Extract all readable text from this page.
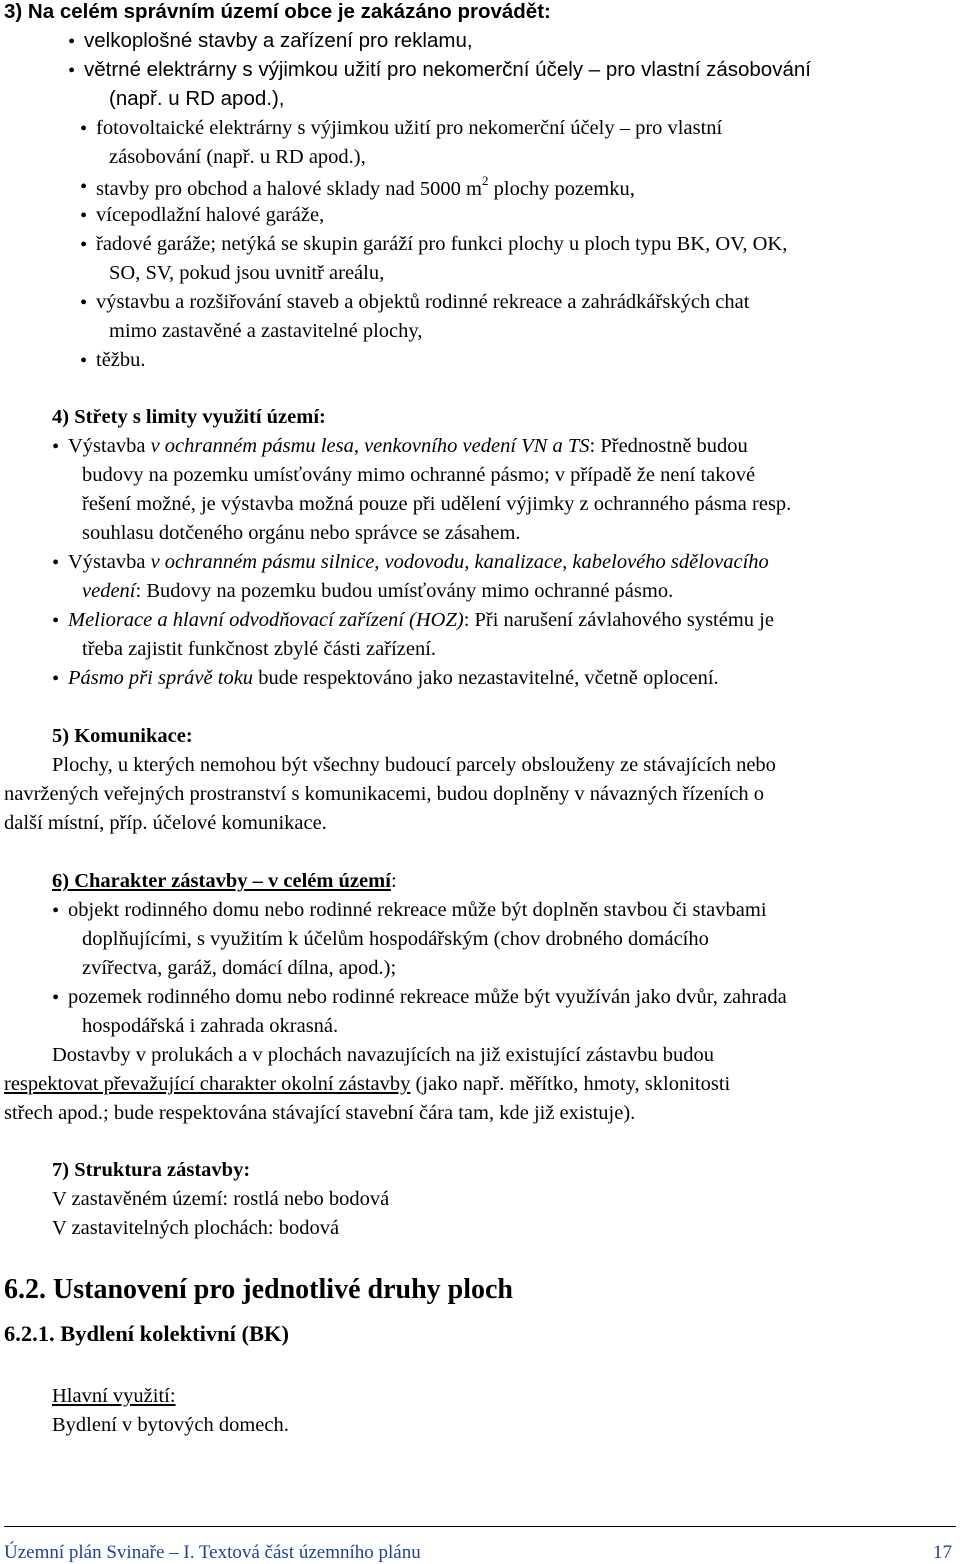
3) Na celém správním území obce je zakázáno provádět:
• velkoplošné stavby a zařízení pro reklamu,
• větrné elektrárny s výjimkou užití pro nekomerční účely – pro vlastní zásobování
(např. u RD apod.),
• fotovoltaické elektrárny s výjimkou užití pro nekomerční účely – pro vlastní
zásobování (např. u RD apod.),
• stavby pro obchod a halové sklady nad 5000 $m^2$ plochy pozemku,
• vícepodlažní halové garáže,
• řadové garáže; netýká se skupin garáží pro funkci plochy u ploch typu BK, OV, OK,
SO, SV, pokud jsou uvnitř areálu,
• výstavbu a rozšiřování staveb a objektů rodinné rekreace a zahrádkářských chat
mimo zastavěné a zastavitelné plochy,
• těžbu.
4) Střety s limity využití území:
• Výstavba v ochranném pásmu lesa, venkovního vedení VN a TS: Přednostně budou
budovy na pozemku umísťovány mimo ochranné pásmo; v případě že není takové
řešení možné, je výstavba možná pouze při udělení výjimky z ochranného pásma resp.
souhlasu dotčeného orgánu nebo správce se zásahem.
• Výstavba v ochranném pásmu silnice, vodovodu, kanalizace, kabelového sdělovacího
vedení: Budovy na pozemku budou umísťovány mimo ochranné pásmo.
• Meliorace a hlavní odvodňovací zařízení (HOZ): Při narušení závlahového systému je
třeba zajistit funkčnost zbylé části zařízení.
• Pásmo při správě toku bude respektováno jako nezastavitelné, včetně oplocení.
5) Komunikace:
Plochy, u kterých nemohou být všechny budoucí parcely obslouženy ze stávajících nebo
navržených veřejných prostranství s komunikacemi, budou doplněny v návazných řízeních o
další místní, příp. účelové komunikace.
6) Charakter zástavby – v celém území:
• objekt rodinného domu nebo rodinné rekreace může být doplněn stavbou či stavbami
doplňujícími, s využitím k účelům hospodářským (chov drobného domácího
zvířectva, garáž, domácí dílna, apod.);
• pozemek rodinného domu nebo rodinné rekreace může být využíván jako dvůr, zahrada
hospodářská i zahrada okrasná.
Dostavby v prolukách a v plochách navazujících na již existující zástavbu budou
respektovat převažující charakter okolní zástavby (jako např. měřítko, hmoty, sklonitosti
střech apod.; bude respektována stávající stavební čára tam, kde již existuje).
7) Struktura zástavby:
V zastavěném území: rostlá nebo bodová
V zastavitelných plochách: bodová
6.2. Ustanovení pro jednotlivé druhy ploch
6.2.1. Bydlení kolektivní (BK)
Hlavní využití:
Bydlení v bytových domech.
Územní plán Svinaře – I. Textová část územního plánu	17
